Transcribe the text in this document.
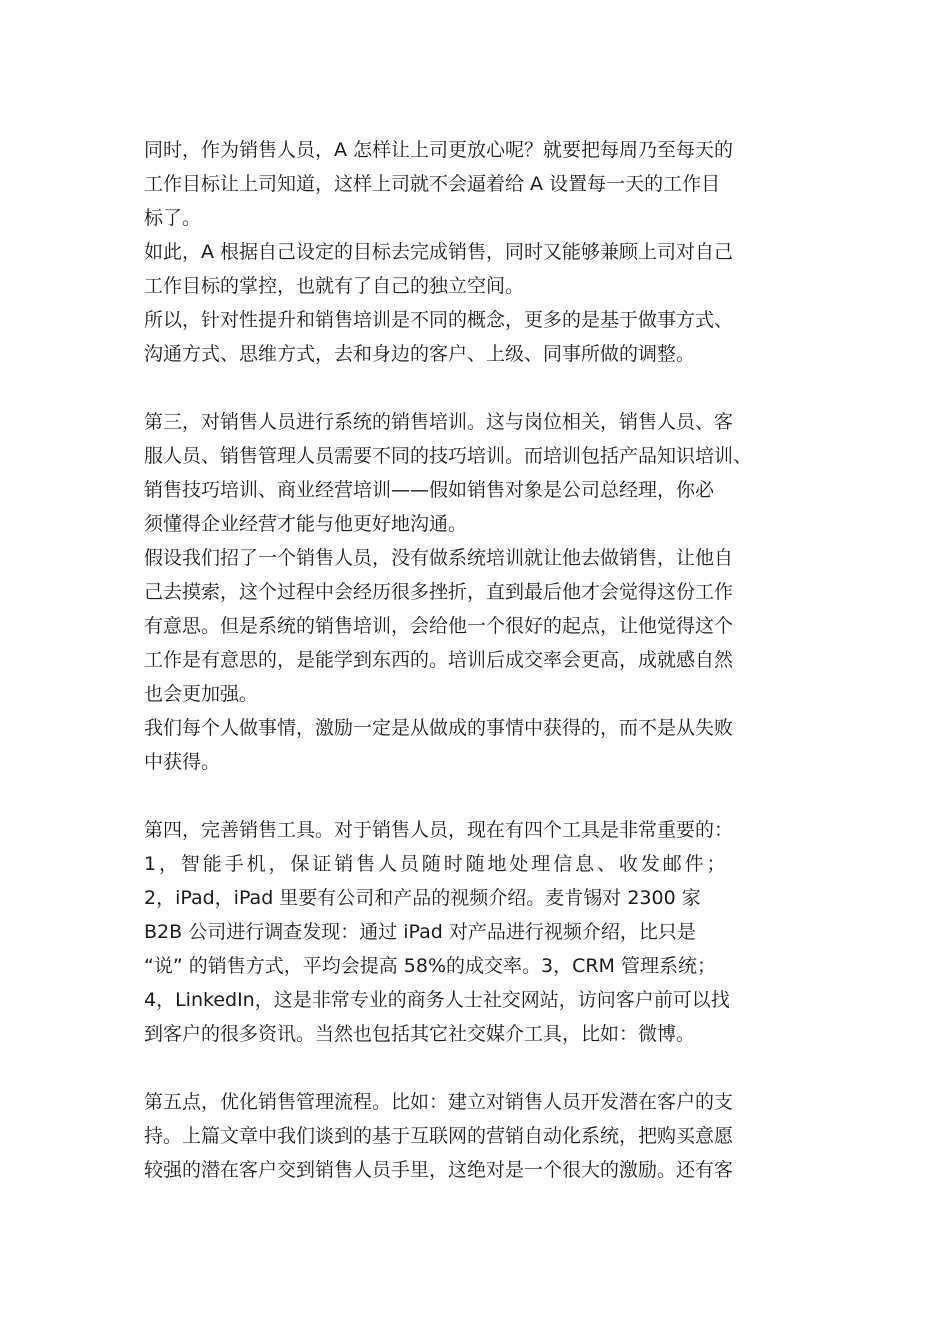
同时，作为销售人员，A 怎样让上司更放心呢？就要把每周乃至每天的
工作目标让上司知道，这样上司就不会逼着给 A 设置每一天的工作目
标了。
如此，A 根据自己设定的目标去完成销售，同时又能够兼顾上司对自己
工作目标的掌控，也就有了自己的独立空间。
所以，针对性提升和销售培训是不同的概念，更多的是基于做事方式、
沟通方式、思维方式，去和身边的客户、上级、同事所做的调整。
第三，对销售人员进行系统的销售培训。这与岗位相关，销售人员、客
服人员、销售管理人员需要不同的技巧培训。而培训包括产品知识培训、
销售技巧培训、商业经营培训——假如销售对象是公司总经理，你必
须懂得企业经营才能与他更好地沟通。
假设我们招了一个销售人员，没有做系统培训就让他去做销售，让他自
己去摸索，这个过程中会经历很多挫折，直到最后他才会觉得这份工作
有意思。但是系统的销售培训，会给他一个很好的起点，让他觉得这个
工作是有意思的，是能学到东西的。培训后成交率会更高，成就感自然
也会更加强。
我们每个人做事情，激励一定是从做成的事情中获得的，而不是从失败
中获得。
第四，完善销售工具。对于销售人员，现在有四个工具是非常重要的：
1，智能手机，保证销售人员随时随地处理信息、收发邮件；
2，iPad，iPad 里要有公司和产品的视频介绍。麦肯锡对 2300 家
B2B 公司进行调查发现：通过 iPad 对产品进行视频介绍，比只是
“说” 的销售方式，平均会提高 58%的成交率。3，CRM 管理系统；
4，LinkedIn，这是非常专业的商务人士社交网站，访问客户前可以找
到客户的很多资讯。当然也包括其它社交媒介工具，比如：微博。
第五点，优化销售管理流程。比如：建立对销售人员开发潜在客户的支
持。上篇文章中我们谈到的基于互联网的营销自动化系统，把购买意愿
较强的潜在客户交到销售人员手里，这绝对是一个很大的激励。还有客
